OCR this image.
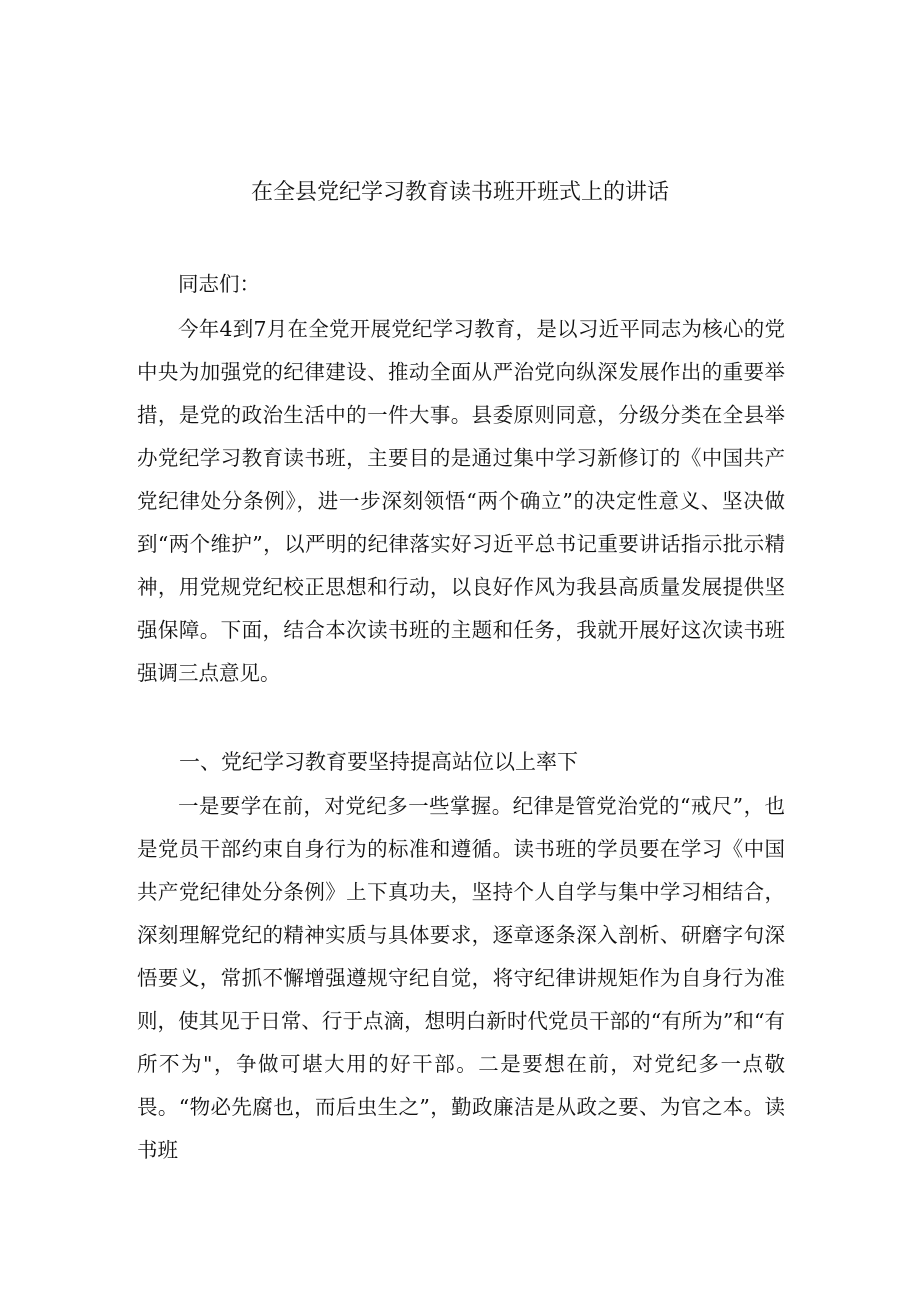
在全县党纪学习教育读书班开班式上的讲话

同志们：

今年4到7月在全党开展党纪学习教育，是以习近平同志为核心的党中央为加强党的纪律建设、推动全面从严治党向纵深发展作出的重要举措，是党的政治生活中的一件大事。县委原则同意，分级分类在全县举办党纪学习教育读书班，主要目的是通过集中学习新修订的《中国共产党纪律处分条例》，进一步深刻领悟“两个确立”的决定性意义、坚决做到“两个维护”，以严明的纪律落实好习近平总书记重要讲话指示批示精神，用党规党纪校正思想和行动，以良好作风为我县高质量发展提供坚强保障。下面，结合本次读书班的主题和任务，我就开展好这次读书班强调三点意见。

一、党纪学习教育要坚持提高站位以上率下

一是要学在前，对党纪多一些掌握。纪律是管党治党的“戒尺”，也是党员干部约束自身行为的标准和遵循。读书班的学员要在学习《中国共产党纪律处分条例》上下真功夫，坚持个人自学与集中学习相结合，深刻理解党纪的精神实质与具体要求，逐章逐条深入剖析、研磨字句深悟要义，常抓不懈增强遵规守纪自觉，将守纪律讲规矩作为自身行为准则，使其见于日常、行于点滴，想明白新时代党员干部的“有所为”和“有所不为"，争做可堪大用的好干部。二是要想在前，对党纪多一点敬畏。“物必先腐也，而后虫生之”，勤政廉洁是从政之要、为官之本。读书班
